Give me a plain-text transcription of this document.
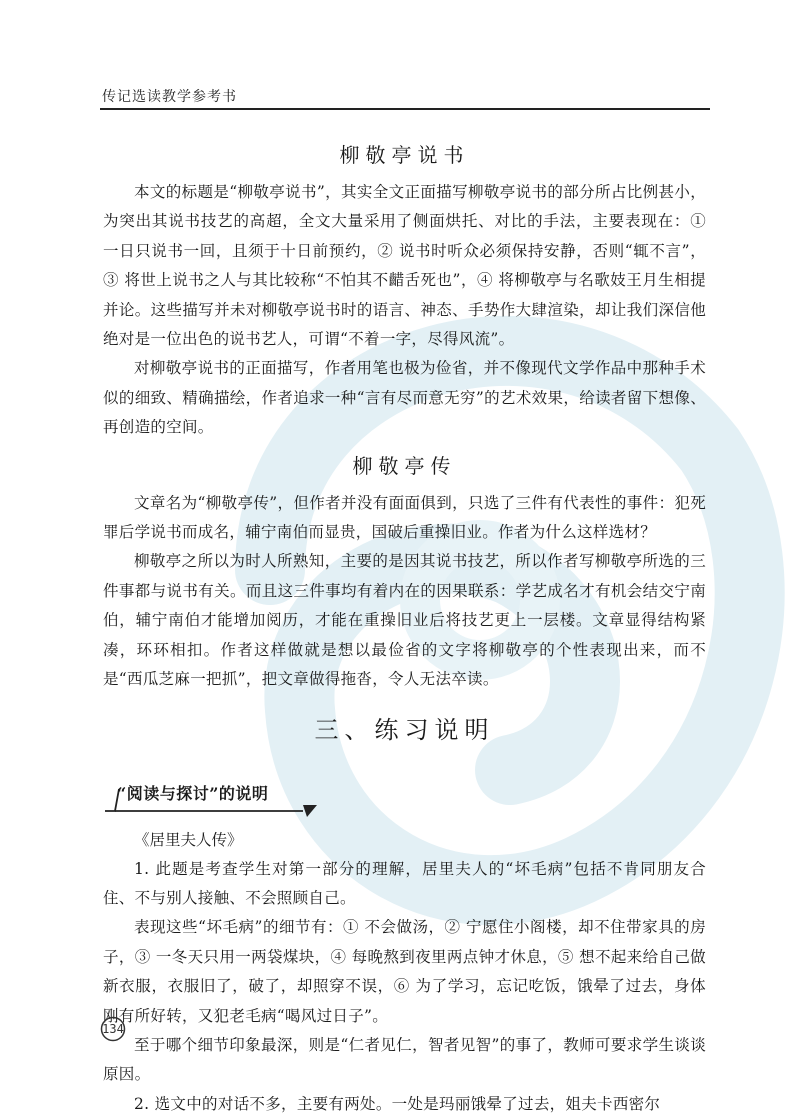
传记选读教学参考书
柳敬亭说书

本文的标题是“柳敬亭说书”，其实全文正面描写柳敬亭说书的部分所占比例甚小，为突出其说书技艺的高超，全文大量采用了侧面烘托、对比的手法，主要表现在：① 一日只说书一回，且须于十日前预约，② 说书时听众必须保持安静，否则“辄不言”，③ 将世上说书之人与其比较称“不怕其不齰舌死也”，④ 将柳敬亭与名歌妓王月生相提并论。这些描写并未对柳敬亭说书时的语言、神态、手势作大肆渲染，却让我们深信他绝对是一位出色的说书艺人，可谓“不着一字，尽得风流”。

对柳敬亭说书的正面描写，作者用笔也极为俭省，并不像现代文学作品中那种手术似的细致、精确描绘，作者追求一种“言有尽而意无穷”的艺术效果，给读者留下想像、再创造的空间。

柳敬亭传

文章名为“柳敬亭传”，但作者并没有面面俱到，只选了三件有代表性的事件：犯死罪后学说书而成名，辅宁南伯而显贵，国破后重操旧业。作者为什么这样选材？

柳敬亭之所以为时人所熟知，主要的是因其说书技艺，所以作者写柳敬亭所选的三件事都与说书有关。而且这三件事均有着内在的因果联系：学艺成名才有机会结交宁南伯，辅宁南伯才能增加阅历，才能在重操旧业后将技艺更上一层楼。文章显得结构紧凑，环环相扣。作者这样做就是想以最俭省的文字将柳敬亭的个性表现出来，而不是“西瓜芝麻一把抓”，把文章做得拖沓，令人无法卒读。

三、练习说明
“阅读与探讨”的说明

《居里夫人传》

1. 此题是考查学生对第一部分的理解，居里夫人的“坏毛病”包括不肯同朋友合住、不与别人接触、不会照顾自己。

表现这些“坏毛病”的细节有：① 不会做汤，② 宁愿住小阁楼，却不住带家具的房子，③ 一冬天只用一两袋煤块，④ 每晚熬到夜里两点钟才休息，⑤ 想不起来给自己做新衣服，衣服旧了，破了，却照穿不误，⑥ 为了学习，忘记吃饭，饿晕了过去，身体刚有所好转，又犯老毛病“喝风过日子”。

至于哪个细节印象最深，则是“仁者见仁，智者见智”的事了，教师可要求学生谈谈原因。

2. 选文中的对话不多，主要有两处。一处是玛丽饿晕了过去，姐夫卡西密尔

134
